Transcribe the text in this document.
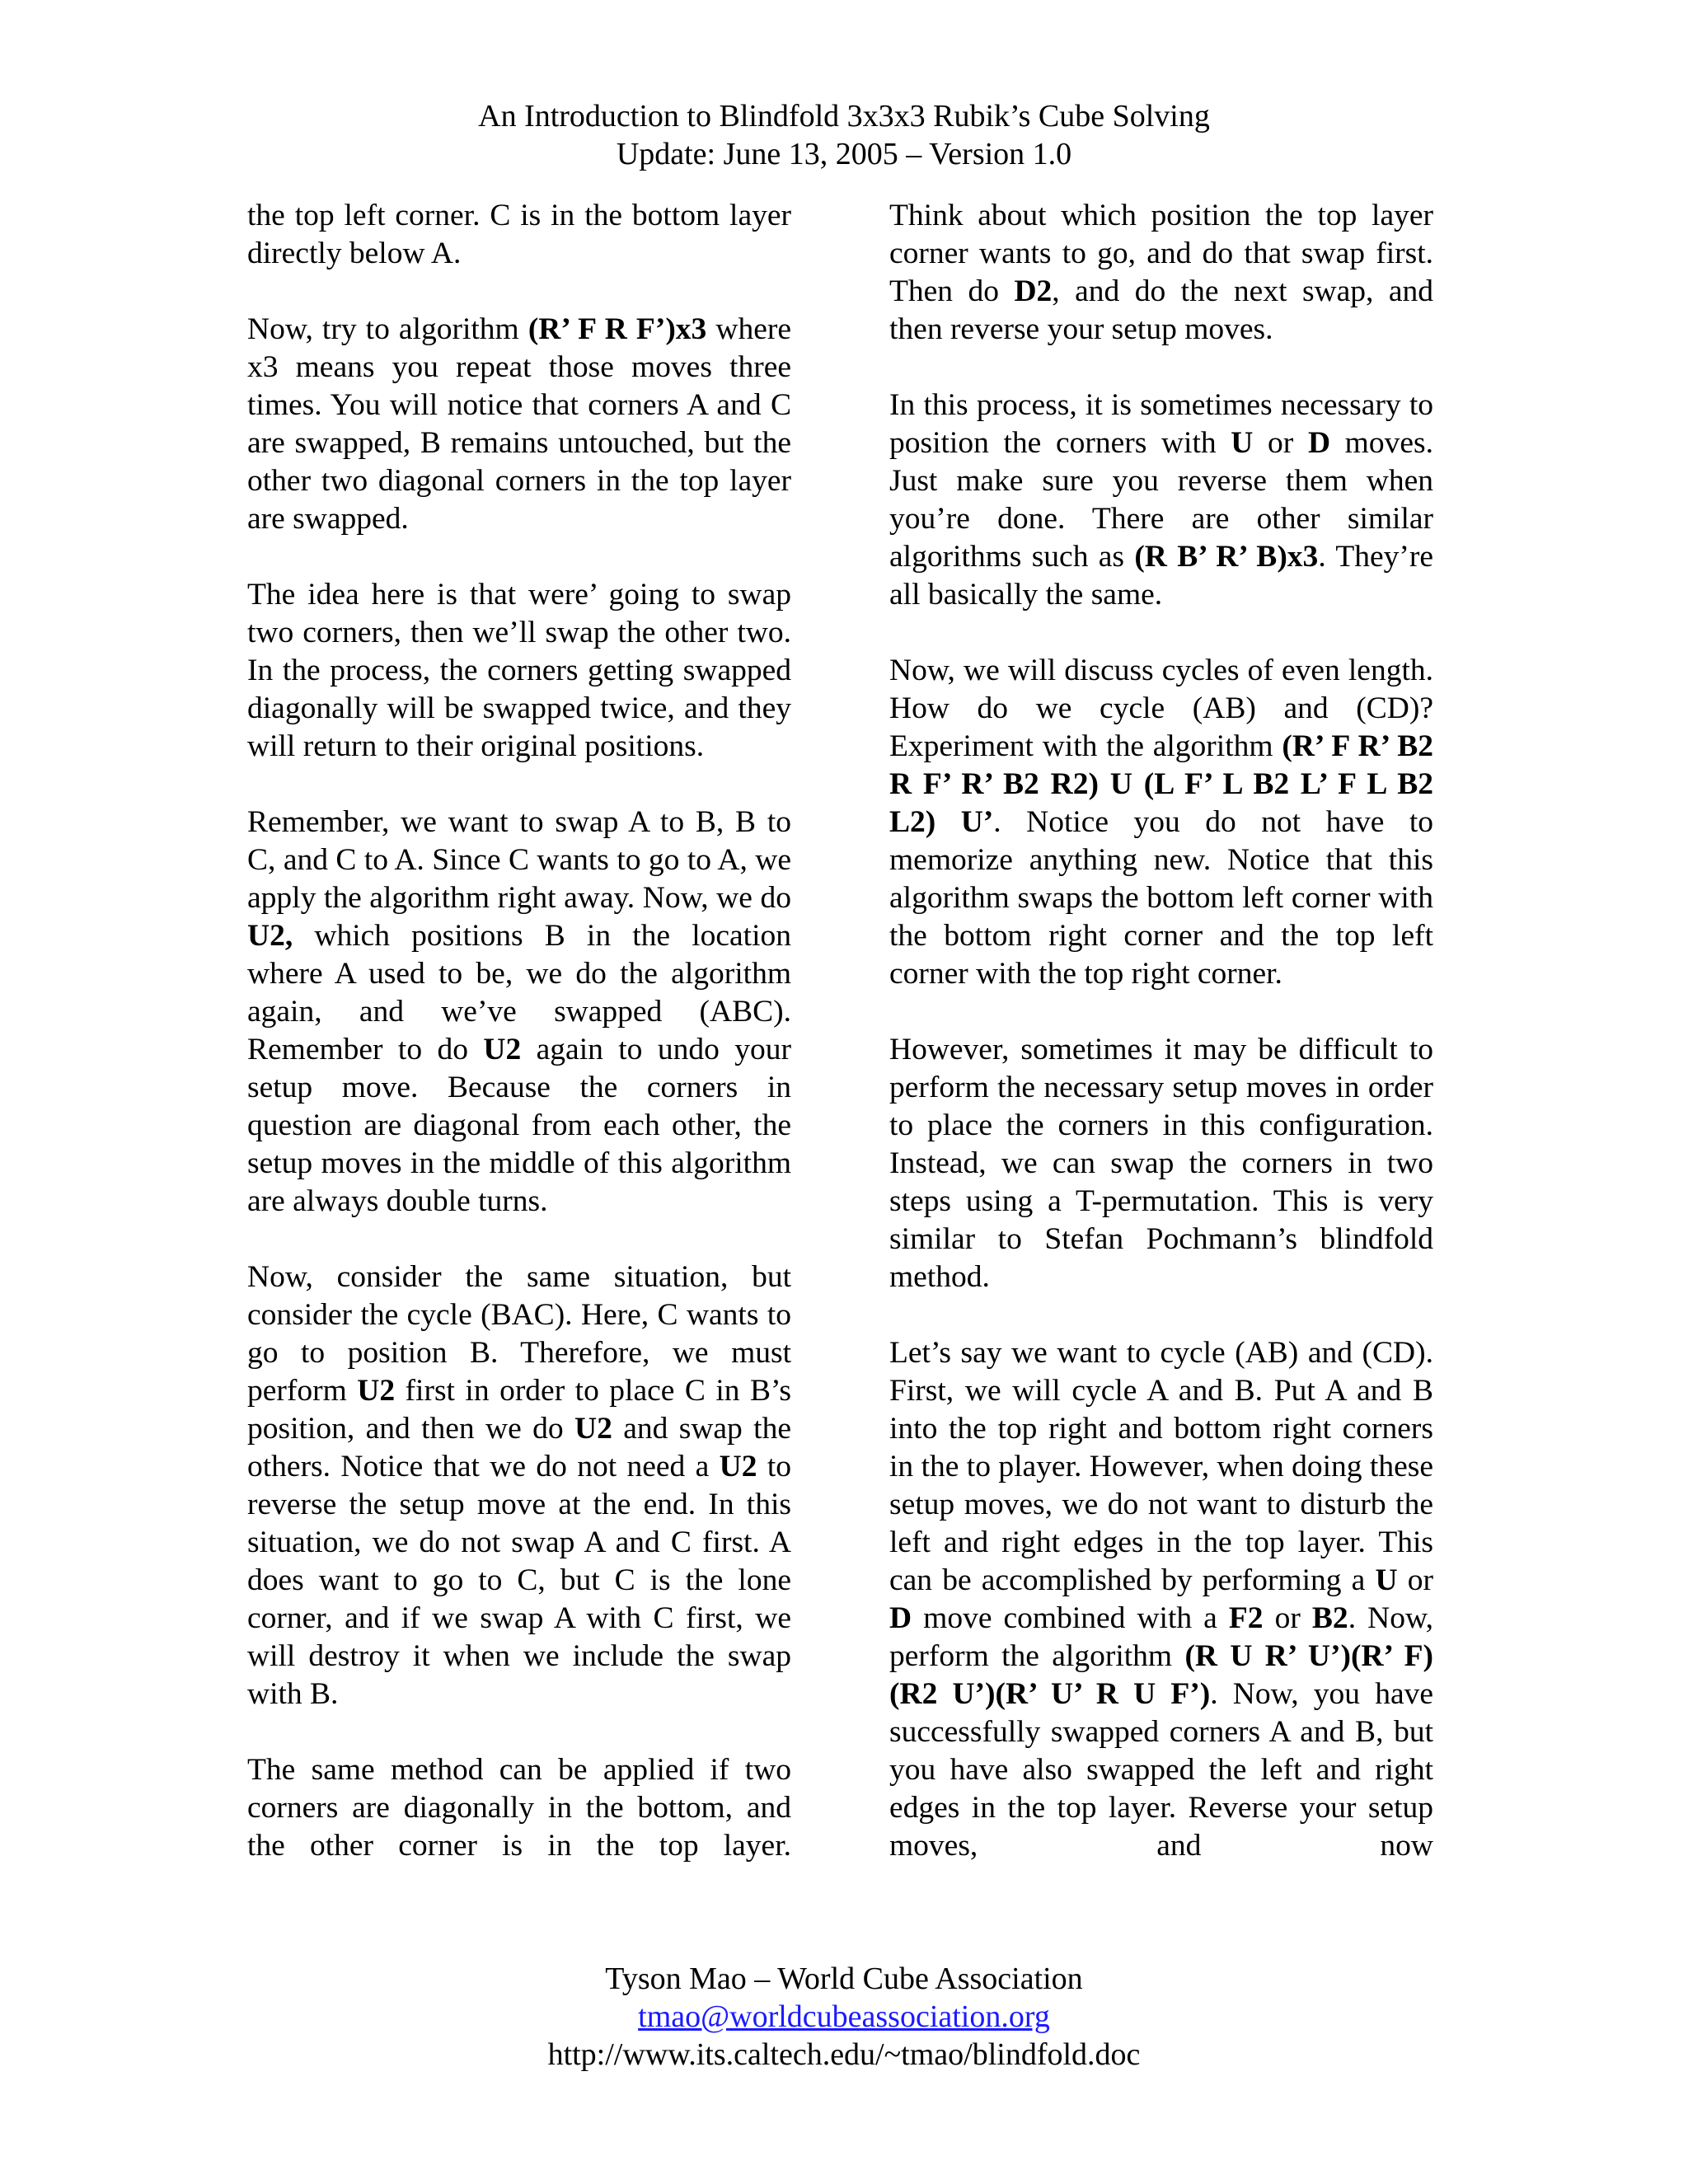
An Introduction to Blindfold 3x3x3 Rubik’s Cube Solving
Update: June 13, 2005 – Version 1.0

the top left corner. C is in the bottom layer directly below A.

Now, try to algorithm (R’ F R F’)x3 where x3 means you repeat those moves three times. You will notice that corners A and C are swapped, B remains untouched, but the other two diagonal corners in the top layer are swapped.

The idea here is that were’ going to swap two corners, then we’ll swap the other two. In the process, the corners getting swapped diagonally will be swapped twice, and they will return to their original positions.

Remember, we want to swap A to B, B to C, and C to A. Since C wants to go to A, we apply the algorithm right away. Now, we do U2, which positions B in the location where A used to be, we do the algorithm again, and we’ve swapped (ABC). Remember to do U2 again to undo your setup move. Because the corners in question are diagonal from each other, the setup moves in the middle of this algorithm are always double turns.

Now, consider the same situation, but consider the cycle (BAC). Here, C wants to go to position B. Therefore, we must perform U2 first in order to place C in B’s position, and then we do U2 and swap the others. Notice that we do not need a U2 to reverse the setup move at the end. In this situation, we do not swap A and C first. A does want to go to C, but C is the lone corner, and if we swap A with C first, we will destroy it when we include the swap with B.

The same method can be applied if two corners are diagonally in the bottom, and the other corner is in the top layer.

Think about which position the top layer corner wants to go, and do that swap first. Then do D2, and do the next swap, and then reverse your setup moves.

In this process, it is sometimes necessary to position the corners with U or D moves. Just make sure you reverse them when you’re done. There are other similar algorithms such as (R B’ R’ B)x3. They’re all basically the same.

Now, we will discuss cycles of even length. How do we cycle (AB) and (CD)? Experiment with the algorithm (R’ F R’ B2 R F’ R’ B2 R2) U (L F’ L B2 L’ F L B2 L2) U’. Notice you do not have to memorize anything new. Notice that this algorithm swaps the bottom left corner with the bottom right corner and the top left corner with the top right corner.

However, sometimes it may be difficult to perform the necessary setup moves in order to place the corners in this configuration. Instead, we can swap the corners in two steps using a T-permutation. This is very similar to Stefan Pochmann’s blindfold method.

Let’s say we want to cycle (AB) and (CD). First, we will cycle A and B. Put A and B into the top right and bottom right corners in the to player. However, when doing these setup moves, we do not want to disturb the left and right edges in the top layer. This can be accomplished by performing a U or D move combined with a F2 or B2. Now, perform the algorithm (R U R’ U’)(R’ F)(R2 U’)(R’ U’ R U F’). Now, you have successfully swapped corners A and B, but you have also swapped the left and right edges in the top layer. Reverse your setup moves, and now

Tyson Mao – World Cube Association
tmao@worldcubeassociation.org
http://www.its.caltech.edu/~tmao/blindfold.doc
